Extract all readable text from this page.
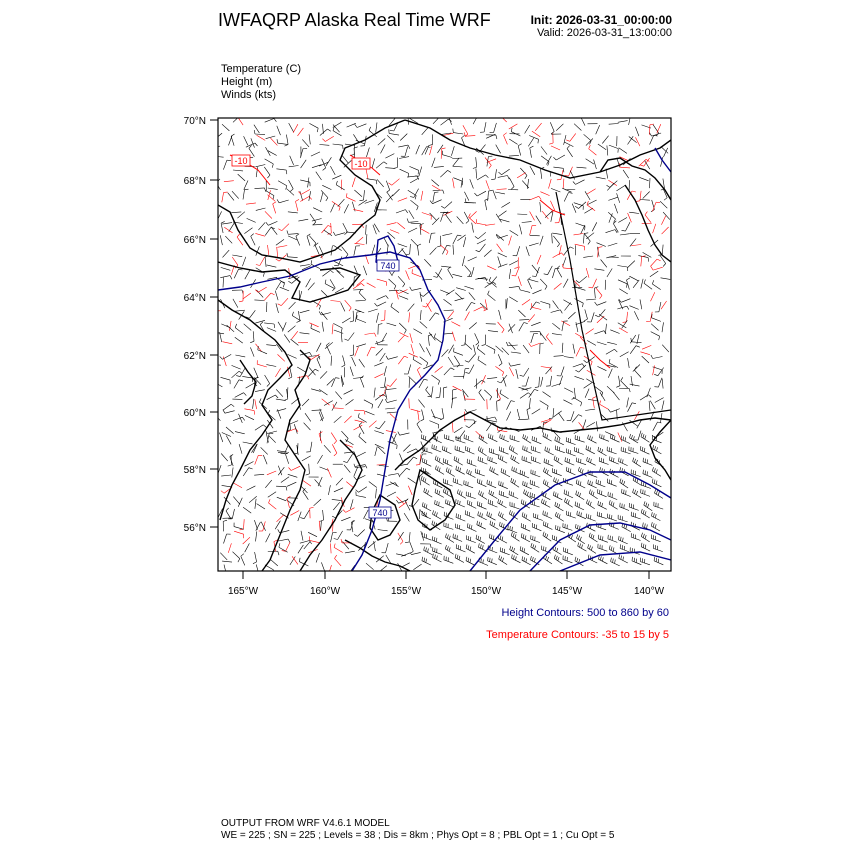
IWFAQRP Alaska Real Time WRF	Init: 2026-03-31_00:00:00
Valid: 2026-03-31_13:00:00
Temperature (C)
Height (m)
Winds (kts)
-10	-10
740
740
70°N
68°N
66°N
64°N
62°N
60°N
58°N
56°N
165°W	160°W	155°W	150°W	145°W	140°W
Height Contours: 500 to 860 by 60
Temperature Contours: -35 to 15 by 5
OUTPUT FROM WRF V4.6.1 MODEL
WE = 225 ; SN = 225 ; Levels = 38 ; Dis = 8km ; Phys Opt = 8 ; PBL Opt = 1 ; Cu Opt = 5
